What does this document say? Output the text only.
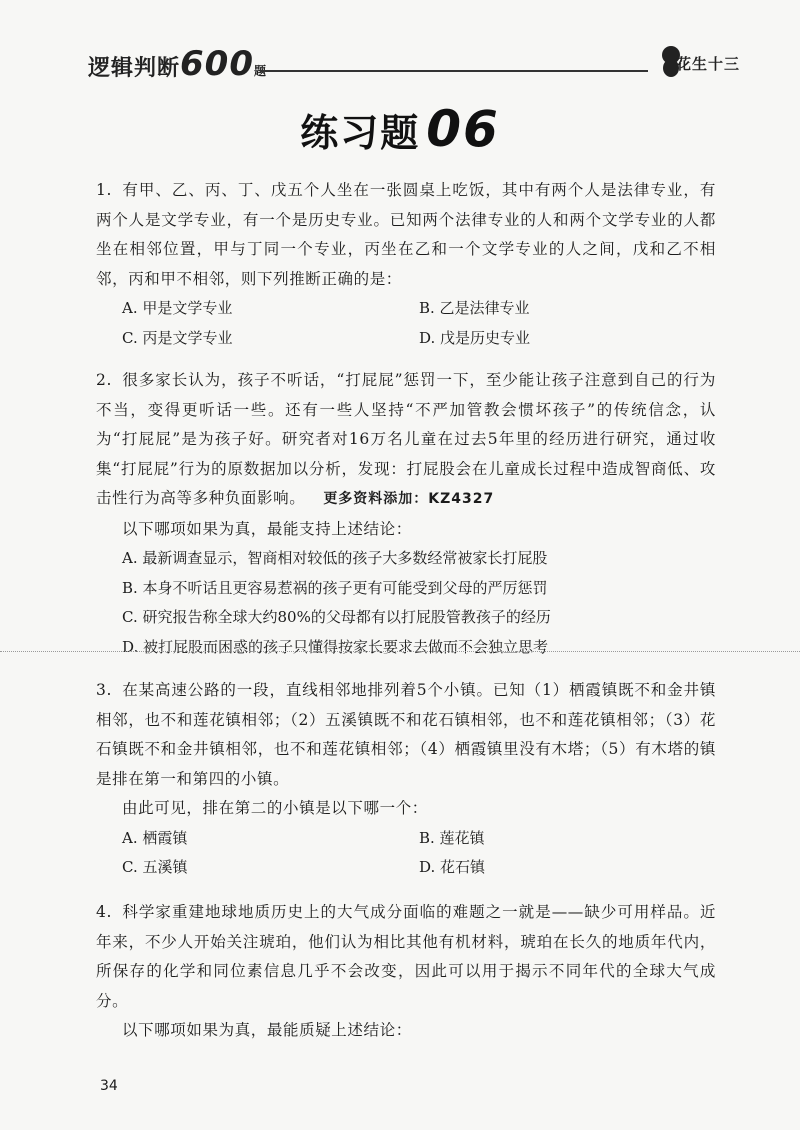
逻辑判断600题	花生十三
练习题 06
1. 有甲、乙、丙、丁、戊五个人坐在一张圆桌上吃饭，其中有两个人是法律专业，有两个人是文学专业，有一个是历史专业。已知两个法律专业的人和两个文学专业的人都坐在相邻位置，甲与丁同一个专业，丙坐在乙和一个文学专业的人之间，戊和乙不相邻，丙和甲不相邻，则下列推断正确的是：
A. 甲是文学专业	B. 乙是法律专业
C. 丙是文学专业	D. 戊是历史专业
2. 很多家长认为，孩子不听话，“打屁屁”惩罚一下，至少能让孩子注意到自己的行为不当，变得更听话一些。还有一些人坚持“不严加管教会惯坏孩子”的传统信念，认为“打屁屁”是为孩子好。研究者对16万名儿童在过去5年里的经历进行研究，通过收集“打屁屁”行为的原数据加以分析，发现：打屁股会在儿童成长过程中造成智商低、攻击性行为高等多种负面影响。 更多资料添加：KZ4327
以下哪项如果为真，最能支持上述结论：
A. 最新调查显示，智商相对较低的孩子大多数经常被家长打屁股
B. 本身不听话且更容易惹祸的孩子更有可能受到父母的严厉惩罚
C. 研究报告称全球大约80%的父母都有以打屁股管教孩子的经历
D. 被打屁股而困惑的孩子只懂得按家长要求去做而不会独立思考
3. 在某高速公路的一段，直线相邻地排列着5个小镇。已知（1）栖霞镇既不和金井镇相邻，也不和莲花镇相邻；（2）五溪镇既不和花石镇相邻，也不和莲花镇相邻；（3）花石镇既不和金井镇相邻，也不和莲花镇相邻；（4）栖霞镇里没有木塔；（5）有木塔的镇是排在第一和第四的小镇。
由此可见，排在第二的小镇是以下哪一个：
A. 栖霞镇	B. 莲花镇
C. 五溪镇	D. 花石镇
4. 科学家重建地球地质历史上的大气成分面临的难题之一就是——缺少可用样品。近年来，不少人开始关注琥珀，他们认为相比其他有机材料，琥珀在长久的地质年代内，所保存的化学和同位素信息几乎不会改变，因此可以用于揭示不同年代的全球大气成分。
以下哪项如果为真，最能质疑上述结论：
34
